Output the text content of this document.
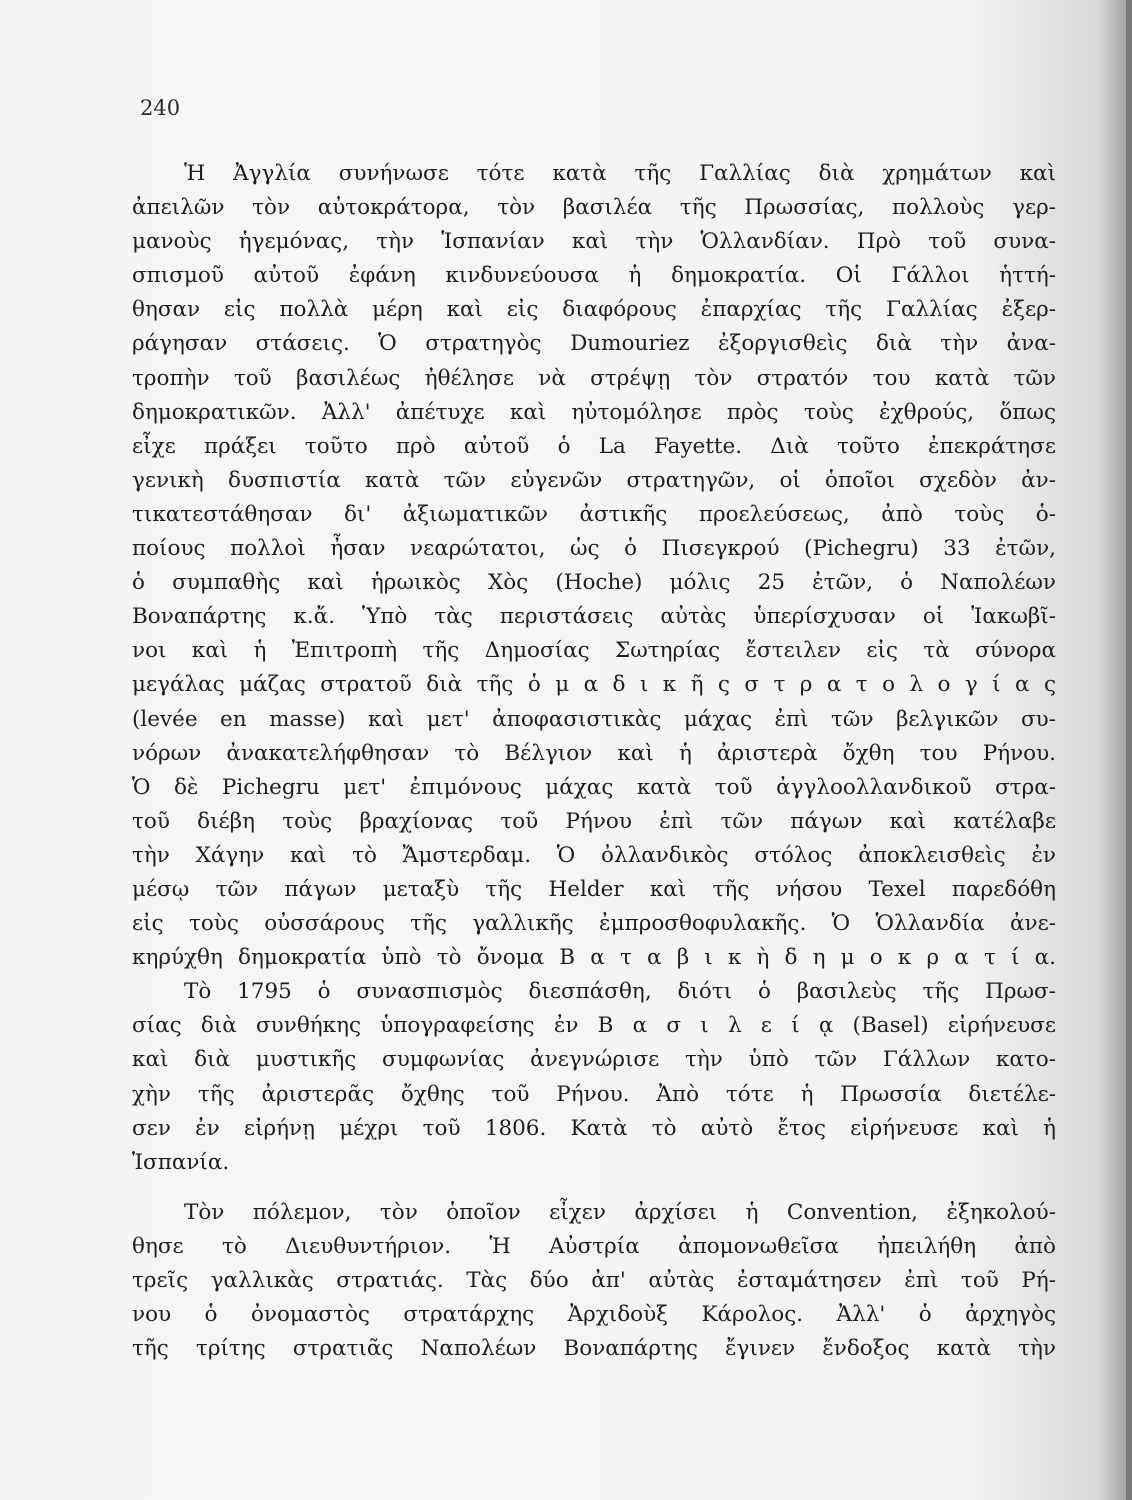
240
Ἡ Ἀγγλία συνήνωσε τότε κατὰ τῆς Γαλλίας διὰ χρημάτων καὶ
ἀπειλῶν τὸν αὐτοκράτορα, τὸν βασιλέα τῆς Πρωσσίας, πολλοὺς γερ-
μανοὺς ἡγεμόνας, τὴν Ἱσπανίαν καὶ τὴν Ὁλλανδίαν. Πρὸ τοῦ συνα-
σπισμοῦ αὐτοῦ ἐφάνη κινδυνεύουσα ἡ δημοκρατία. Οἱ Γάλλοι ἡττή-
θησαν εἰς πολλὰ μέρη καὶ εἰς διαφόρους ἐπαρχίας τῆς Γαλλίας ἐξερ-
ράγησαν στάσεις. Ὁ στρατηγὸς Dumouriez ἐξοργισθεὶς διὰ τὴν ἀνα-
τροπὴν τοῦ βασιλέως ἠθέλησε νὰ στρέψῃ τὸν στρατόν του κατὰ τῶν
δημοκρατικῶν. Ἀλλ' ἀπέτυχε καὶ ηὐτομόλησε πρὸς τοὺς ἐχθρούς, ὅπως
εἶχε πράξει τοῦτο πρὸ αὐτοῦ ὁ La Fayette. Διὰ τοῦτο ἐπεκράτησε
γενικὴ δυσπιστία κατὰ τῶν εὐγενῶν στρατηγῶν, οἱ ὁποῖοι σχεδὸν ἀν-
τικατεστάθησαν δι' ἀξιωματικῶν ἀστικῆς προελεύσεως, ἀπὸ τοὺς ὁ-
ποίους πολλοὶ ἦσαν νεαρώτατοι, ὡς ὁ Πισεγκρού (Pichegru) 33 ἐτῶν,
ὁ συμπαθὴς καὶ ἡρωικὸς Χὸς (Hoche) μόλις 25 ἐτῶν, ὁ Ναπολέων
Βοναπάρτης κ.ἄ. Ὑπὸ τὰς περιστάσεις αὐτὰς ὑπερίσχυσαν οἱ Ἰακωβῖ-
νοι καὶ ἡ Ἐπιτροπὴ τῆς Δημοσίας Σωτηρίας ἔστειλεν εἰς τὰ σύνορα
μεγάλας μάζας στρατοῦ διὰ τῆς ὁ μ α δ ι κ ῆ ς σ τ ρ α τ ο λ ο γ ί α ς
(levée en masse) καὶ μετ' ἀποφασιστικὰς μάχας ἐπὶ τῶν βελγικῶν συ-
νόρων ἀνακατελήφθησαν τὸ Βέλγιον καὶ ἡ ἀριστερὰ ὄχθη του Ρήνου.
Ὁ δὲ Pichegru μετ' ἐπιμόνους μάχας κατὰ τοῦ ἀγγλοολλανδικοῦ στρα-
τοῦ διέβη τοὺς βραχίονας τοῦ Ρήνου ἐπὶ τῶν πάγων καὶ κατέλαβε
τὴν Χάγην καὶ τὸ Ἄμστερδαμ. Ὁ ὀλλανδικὸς στόλος ἀποκλεισθεὶς ἐν
μέσῳ τῶν πάγων μεταξὺ τῆς Helder καὶ τῆς νήσου Texel παρεδόθη
εἰς τοὺς οὐσσάρους τῆς γαλλικῆς ἐμπροσθοφυλακῆς. Ὁ Ὁλλανδία ἀνε-
κηρύχθη δημοκρατία ὑπὸ τὸ ὄνομα Β α τ α β ι κ ὴ δ η μ ο κ ρ α τ ί α.
Τὸ 1795 ὁ συνασπισμὸς διεσπάσθη, διότι ὁ βασιλεὺς τῆς Πρωσ-
σίας διὰ συνθήκης ὑπογραφείσης ἐν Β α σ ι λ ε ί ᾳ (Basel) εἰρήνευσε
καὶ διὰ μυστικῆς συμφωνίας ἀνεγνώρισε τὴν ὑπὸ τῶν Γάλλων κατο-
χὴν τῆς ἀριστερᾶς ὄχθης τοῦ Ρήνου. Ἀπὸ τότε ἡ Πρωσσία διετέλε-
σεν ἐν εἰρήνῃ μέχρι τοῦ 1806. Κατὰ τὸ αὐτὸ ἔτος εἰρήνευσε καὶ ἡ
Ἱσπανία.
Τὸν πόλεμον, τὸν ὁποῖον εἶχεν ἀρχίσει ἡ Convention, ἐξηκολού-
θησε τὸ Διευθυντήριον. Ἡ Αὐστρία ἀπομονωθεῖσα ἠπειλήθη ἀπὸ
τρεῖς γαλλικὰς στρατιάς. Τὰς δύο ἀπ' αὐτὰς ἐσταμάτησεν ἐπὶ τοῦ Ρή-
νου ὁ ὀνομαστὸς στρατάρχης Ἀρχιδοὺξ Κάρολος. Ἀλλ' ὁ ἀρχηγὸς
τῆς τρίτης στρατιᾶς Ναπολέων Βοναπάρτης ἔγινεν ἔνδοξος κατὰ τὴν
